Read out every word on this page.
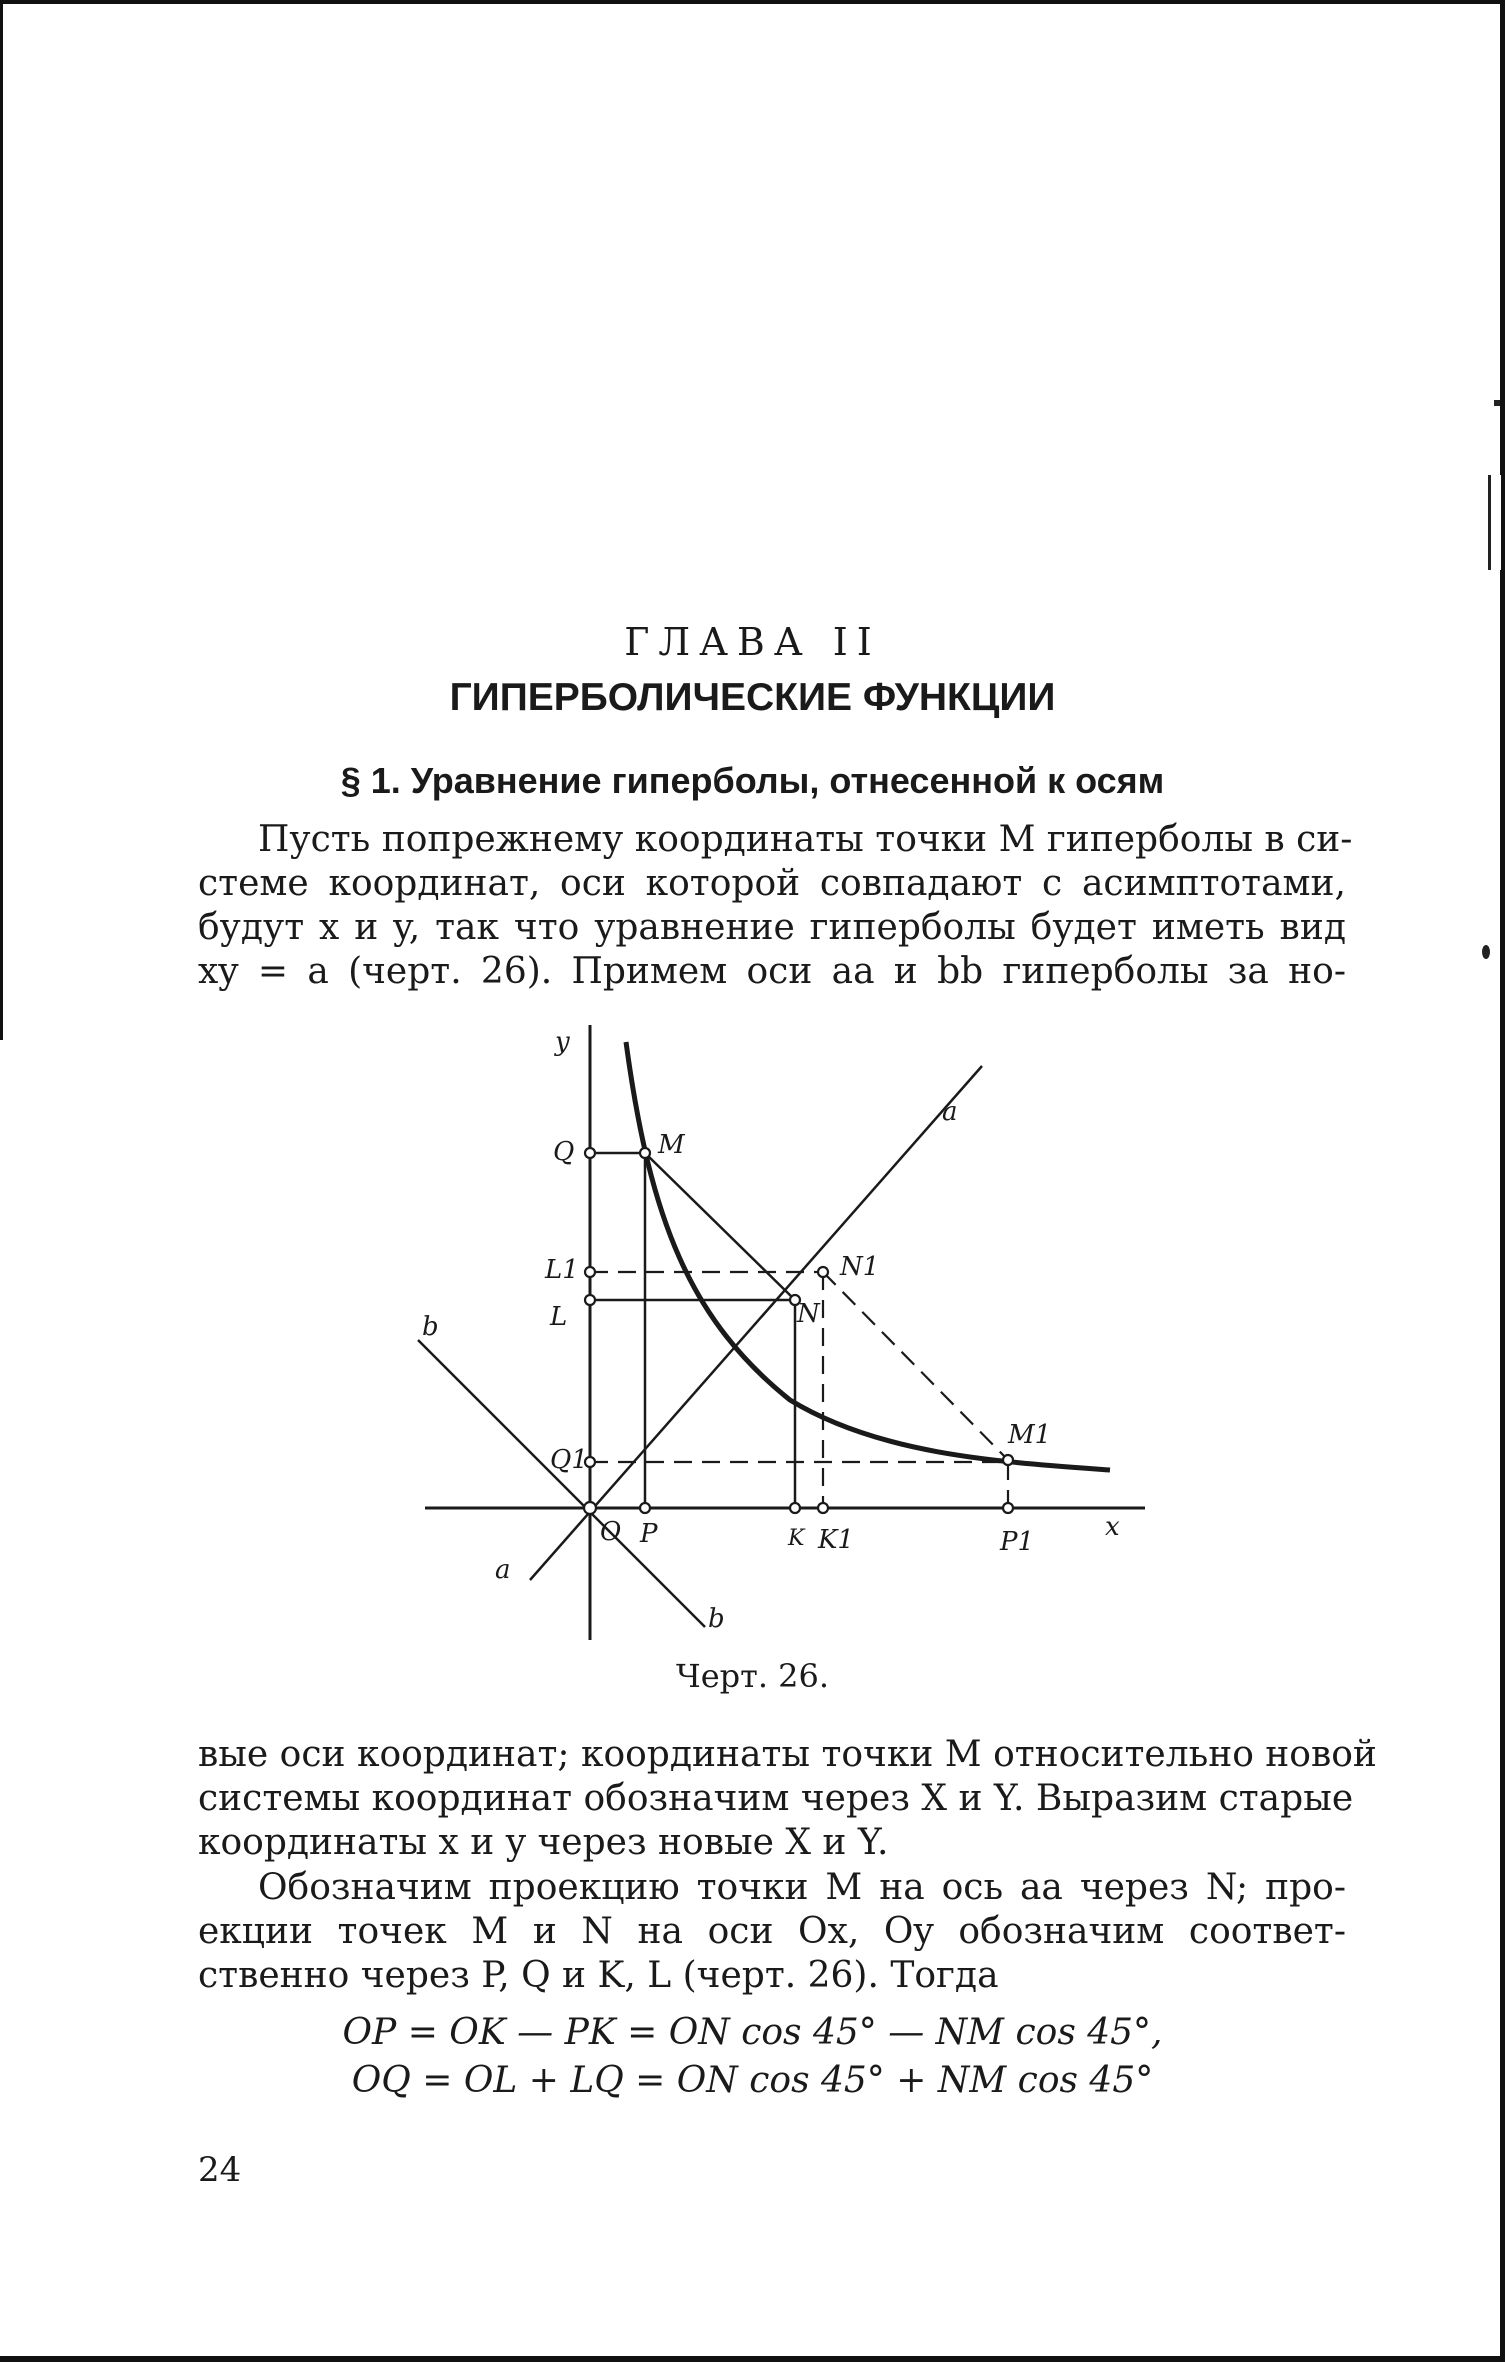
ГЛАВА II
ГИПЕРБОЛИЧЕСКИЕ ФУНКЦИИ
§ 1. Уравнение гиперболы, отнесенной к осям
Пусть попрежнему координаты точки M гиперболы в си-
стеме координат, оси которой совпадают с асимптотами,
будут x и y, так что уравнение гиперболы будет иметь вид
xy = a (черт. 26). Примем оси aa и bb гиперболы за но-
y
x
O P	K K1	P1
Q
L1
L
Q1
M
N
N1
M1
a
a
b
b
Черт. 26.
вые оси координат; координаты точки M относительно новой
системы координат обозначим через X и Y. Выразим старые
координаты x и y через новые X и Y.
Обозначим проекцию точки M на ось aa через N; про-
екции точек M и N на оси Ox, Oy обозначим соответ-
ственно через P, Q и K, L (черт. 26). Тогда
OP = OK — PK = ON cos 45° — NM cos 45°,
OQ = OL + LQ = ON cos 45° + NM cos 45°
24
